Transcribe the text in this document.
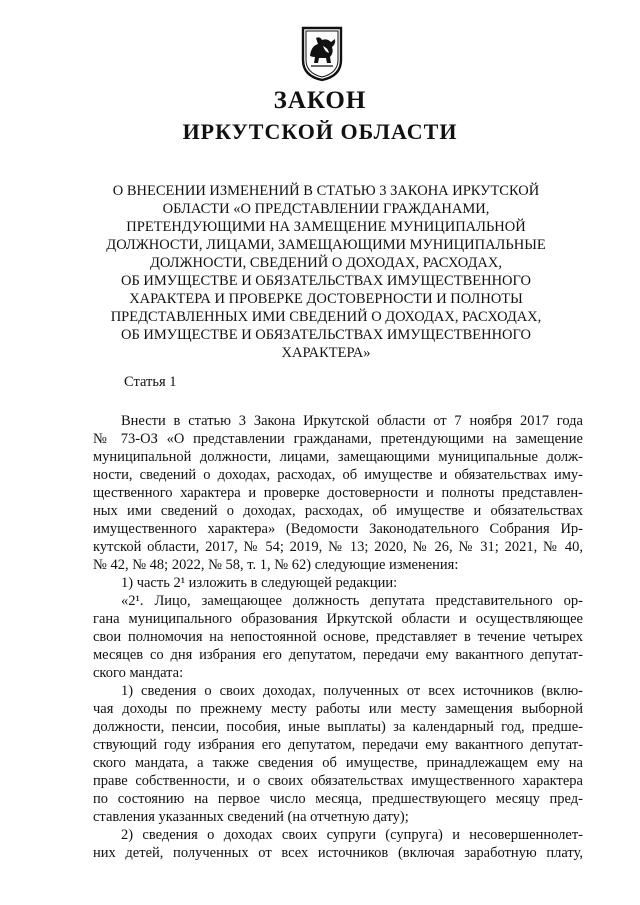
ЗАКОН
ИРКУТСКОЙ ОБЛАСТИ

О ВНЕСЕНИИ ИЗМЕНЕНИЙ В СТАТЬЮ 3 ЗАКОНА ИРКУТСКОЙ
ОБЛАСТИ «О ПРЕДСТАВЛЕНИИ ГРАЖДАНАМИ,
ПРЕТЕНДУЮЩИМИ НА ЗАМЕЩЕНИЕ МУНИЦИПАЛЬНОЙ
ДОЛЖНОСТИ, ЛИЦАМИ, ЗАМЕЩАЮЩИМИ МУНИЦИПАЛЬНЫЕ
ДОЛЖНОСТИ, СВЕДЕНИЙ О ДОХОДАХ, РАСХОДАХ,
ОБ ИМУЩЕСТВЕ И ОБЯЗАТЕЛЬСТВАХ ИМУЩЕСТВЕННОГО
ХАРАКТЕРА И ПРОВЕРКЕ ДОСТОВЕРНОСТИ И ПОЛНОТЫ
ПРЕДСТАВЛЕННЫХ ИМИ СВЕДЕНИЙ О ДОХОДАХ, РАСХОДАХ,
ОБ ИМУЩЕСТВЕ И ОБЯЗАТЕЛЬСТВАХ ИМУЩЕСТВЕННОГО
ХАРАКТЕРА»

Статья 1

Внести в статью 3 Закона Иркутской области от 7 ноября 2017 года
№ 73-ОЗ «О представлении гражданами, претендующими на замещение
муниципальной должности, лицами, замещающими муниципальные долж-
ности, сведений о доходах, расходах, об имуществе и обязательствах иму-
щественного характера и проверке достоверности и полноты представлен-
ных ими сведений о доходах, расходах, об имуществе и обязательствах
имущественного характера» (Ведомости Законодательного Собрания Ир-
кутской области, 2017, № 54; 2019, № 13; 2020, № 26, № 31; 2021, № 40,
№ 42, № 48; 2022, № 58, т. 1, № 62) следующие изменения:
1) часть 2¹ изложить в следующей редакции:
«2¹. Лицо, замещающее должность депутата представительного ор-
гана муниципального образования Иркутской области и осуществляющее
свои полномочия на непостоянной основе, представляет в течение четырех
месяцев со дня избрания его депутатом, передачи ему вакантного депутат-
ского мандата:
1) сведения о своих доходах, полученных от всех источников (вклю-
чая доходы по прежнему месту работы или месту замещения выборной
должности, пенсии, пособия, иные выплаты) за календарный год, предше-
ствующий году избрания его депутатом, передачи ему вакантного депутат-
ского мандата, а также сведения об имуществе, принадлежащем ему на
праве собственности, и о своих обязательствах имущественного характера
по состоянию на первое число месяца, предшествующего месяцу пред-
ставления указанных сведений (на отчетную дату);
2) сведения о доходах своих супруги (супруга) и несовершеннолет-
них детей, полученных от всех источников (включая заработную плату,
